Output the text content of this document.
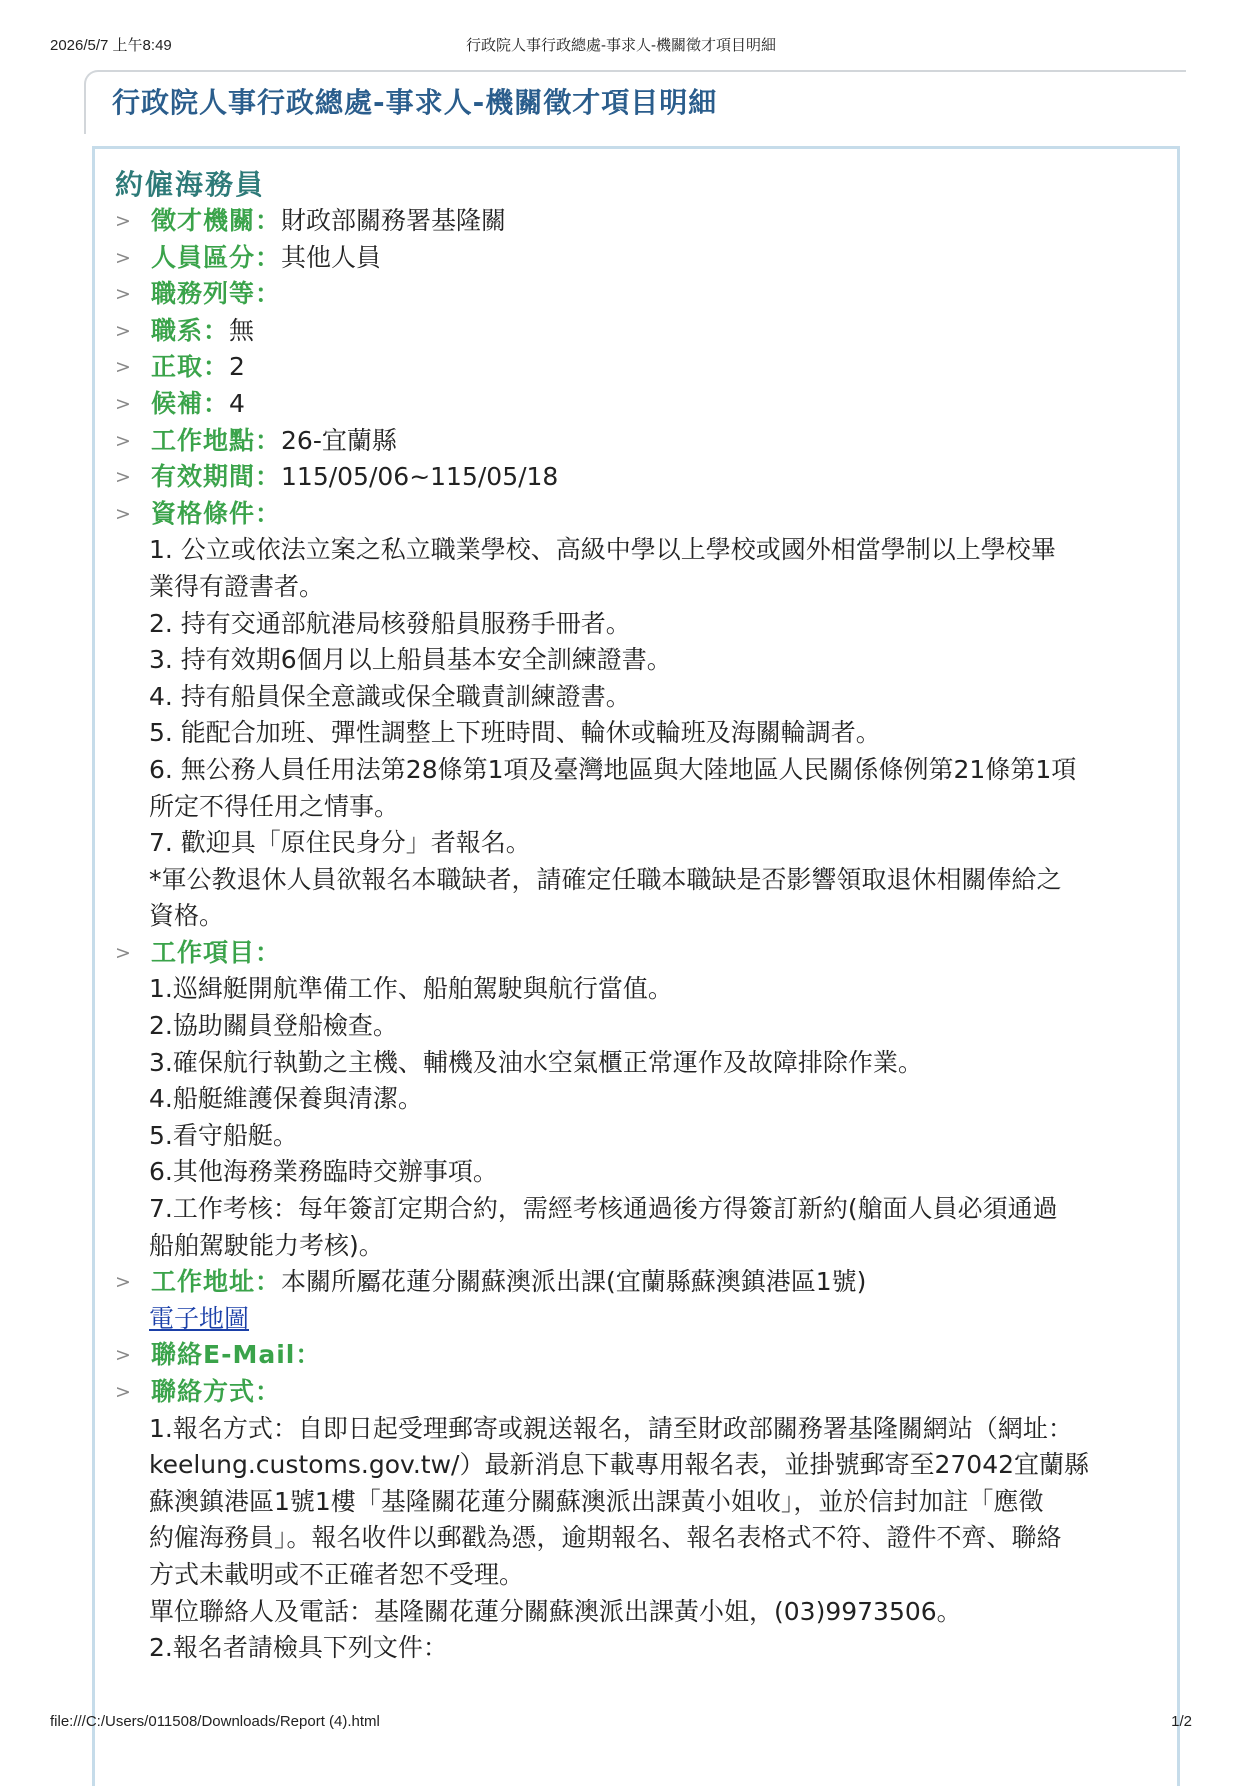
2026/5/7 上午8:49	行政院人事行政總處-事求人-機關徵才項目明細
行政院人事行政總處-事求人-機關徵才項目明細
約僱海務員
> 徵才機關：財政部關務署基隆關
> 人員區分：其他人員
> 職務列等：
> 職系：無
> 正取：2
> 候補：4
> 工作地點：26-宜蘭縣
> 有效期間：115/05/06~115/05/18
> 資格條件：
1. 公立或依法立案之私立職業學校、高級中學以上學校或國外相當學制以上學校畢
業得有證書者。
2. 持有交通部航港局核發船員服務手冊者。
3. 持有效期6個月以上船員基本安全訓練證書。
4. 持有船員保全意識或保全職責訓練證書。
5. 能配合加班、彈性調整上下班時間、輪休或輪班及海關輪調者。
6. 無公務人員任用法第28條第1項及臺灣地區與大陸地區人民關係條例第21條第1項
所定不得任用之情事。
7. 歡迎具「原住民身分」者報名。
*軍公教退休人員欲報名本職缺者，請確定任職本職缺是否影響領取退休相關俸給之
資格。
> 工作項目：
1.巡緝艇開航準備工作、船舶駕駛與航行當值。
2.協助關員登船檢查。
3.確保航行執勤之主機、輔機及油水空氣櫃正常運作及故障排除作業。
4.船艇維護保養與清潔。
5.看守船艇。
6.其他海務業務臨時交辦事項。
7.工作考核：每年簽訂定期合約，需經考核通過後方得簽訂新約(艙面人員必須通過
船舶駕駛能力考核)。
> 工作地址：本關所屬花蓮分關蘇澳派出課(宜蘭縣蘇澳鎮港區1號)
電子地圖
> 聯絡E-Mail：
> 聯絡方式：
1.報名方式：自即日起受理郵寄或親送報名，請至財政部關務署基隆關網站（網址：
keelung.customs.gov.tw/）最新消息下載專用報名表，並掛號郵寄至27042宜蘭縣
蘇澳鎮港區1號1樓「基隆關花蓮分關蘇澳派出課黃小姐收」，並於信封加註「應徵
約僱海務員」。報名收件以郵戳為憑，逾期報名、報名表格式不符、證件不齊、聯絡
方式未載明或不正確者恕不受理。
單位聯絡人及電話：基隆關花蓮分關蘇澳派出課黃小姐，(03)9973506。
2.報名者請檢具下列文件：
file:///C:/Users/011508/Downloads/Report (4).html	1/2
